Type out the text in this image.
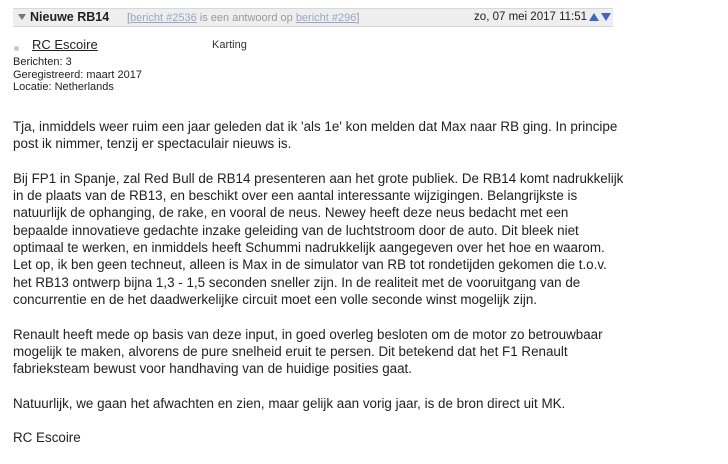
Nieuwe RB14 [bericht #2536 is een antwoord op bericht #296]	zo, 07 mei 2017 11:51
RC Escoire
Berichten: 3
Geregistreerd: maart 2017
Locatie: Netherlands
Karting

Tja, inmiddels weer ruim een jaar geleden dat ik 'als 1e' kon melden dat Max naar RB ging. In principe post ik nimmer, tenzij er spectaculair nieuws is.

Bij FP1 in Spanje, zal Red Bull de RB14 presenteren aan het grote publiek. De RB14 komt nadrukkelijk in de plaats van de RB13, en beschikt over een aantal interessante wijzigingen. Belangrijkste is natuurlijk de ophanging, de rake, en vooral de neus. Newey heeft deze neus bedacht met een bepaalde innovatieve gedachte inzake geleiding van de luchtstroom door de auto. Dit bleek niet optimaal te werken, en inmiddels heeft Schummi nadrukkelijk aangegeven over het hoe en waarom. Let op, ik ben geen techneut, alleen is Max in de simulator van RB tot rondetijden gekomen die t.o.v. het RB13 ontwerp bijna 1,3 - 1,5 seconden sneller zijn. In de realiteit met de vooruitgang van de concurrentie en de het daadwerkelijke circuit moet een volle seconde winst mogelijk zijn.

Renault heeft mede op basis van deze input, in goed overleg besloten om de motor zo betrouwbaar mogelijk te maken, alvorens de pure snelheid eruit te persen. Dit betekend dat het F1 Renault fabrieksteam bewust voor handhaving van de huidige posities gaat.

Natuurlijk, we gaan het afwachten en zien, maar gelijk aan vorig jaar, is de bron direct uit MK.

RC Escoire
